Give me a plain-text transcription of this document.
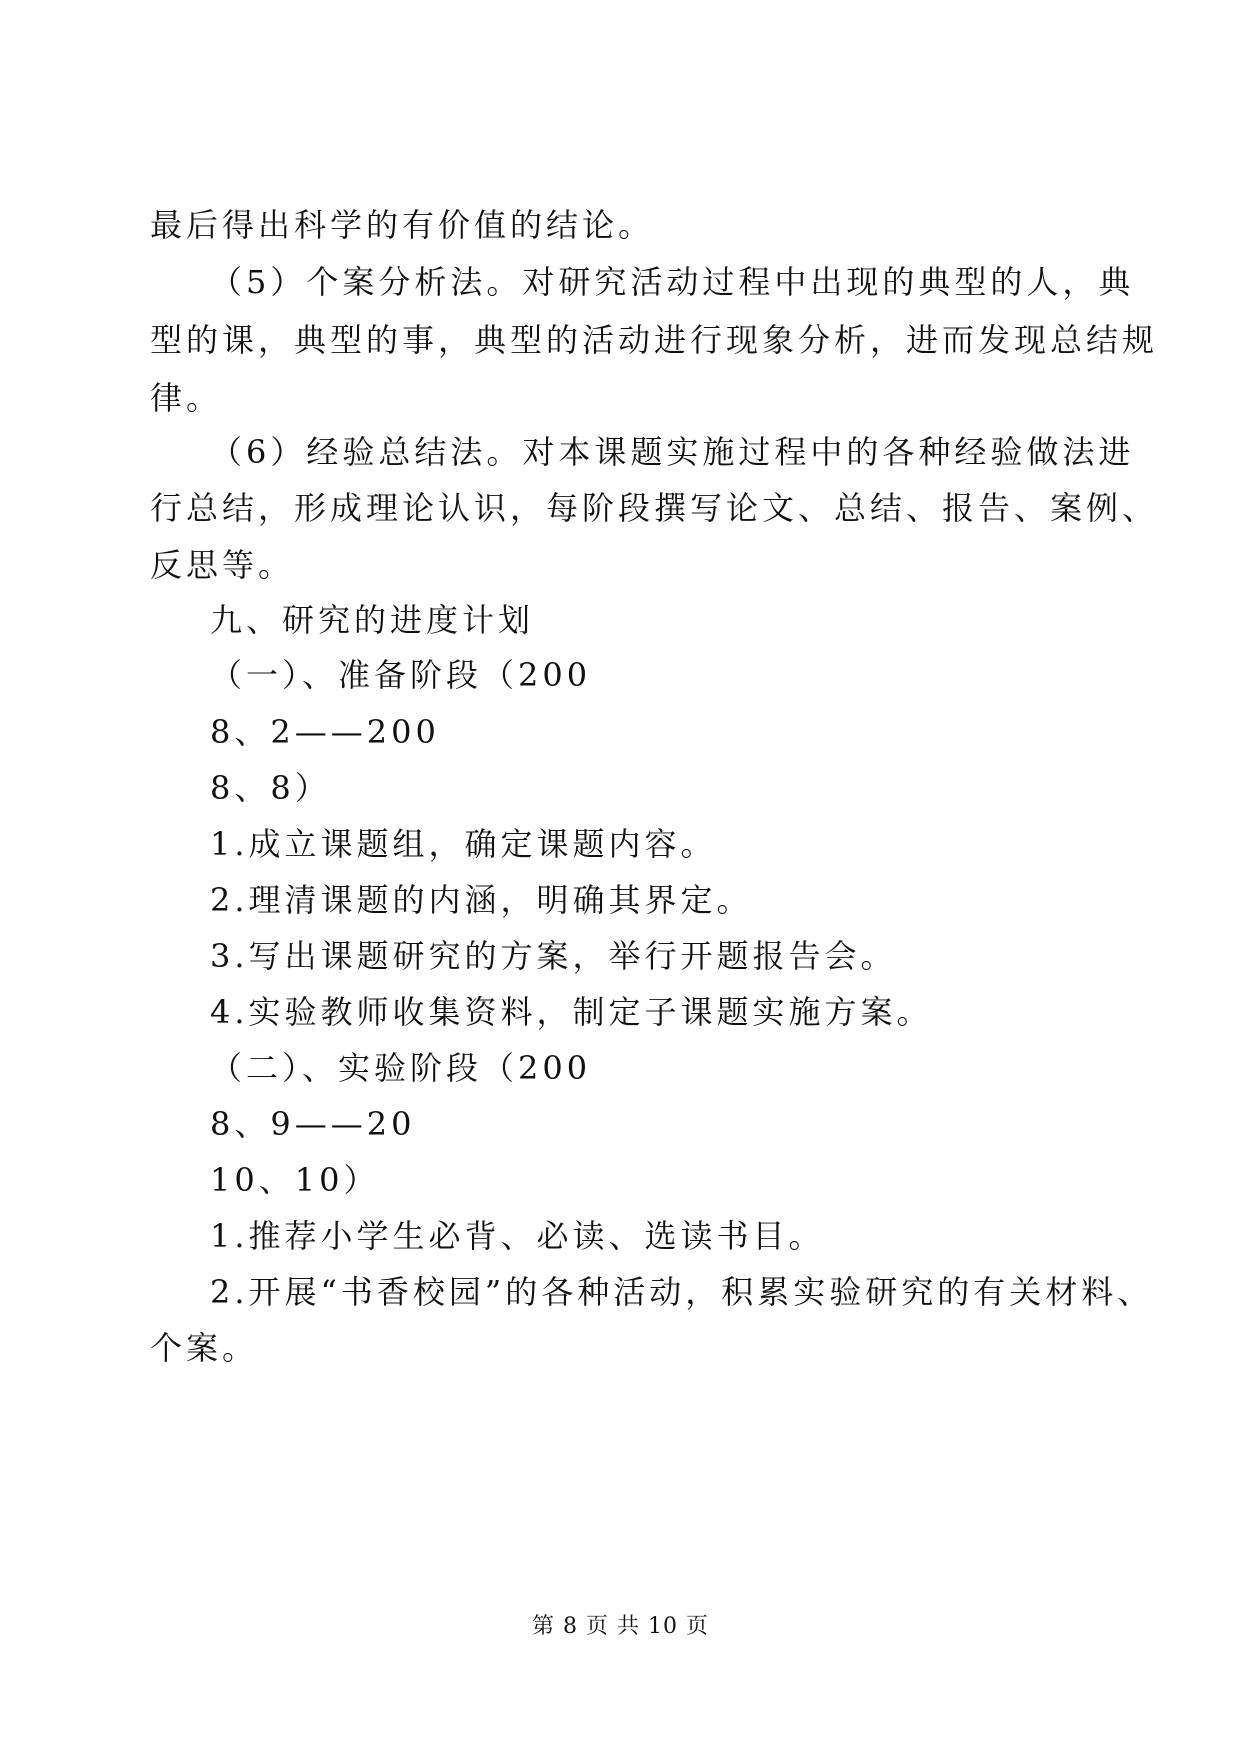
最后得出科学的有价值的结论。
（5）个案分析法。对研究活动过程中出现的典型的人，典
型的课，典型的事，典型的活动进行现象分析，进而发现总结规
律。
（6）经验总结法。对本课题实施过程中的各种经验做法进
行总结，形成理论认识，每阶段撰写论文、总结、报告、案例、
反思等。
九、研究的进度计划
（一）、准备阶段（200
8、2——200
8、8）
1.成立课题组，确定课题内容。
2.理清课题的内涵，明确其界定。
3.写出课题研究的方案，举行开题报告会。
4.实验教师收集资料，制定子课题实施方案。
（二）、实验阶段（200
8、9——20
10、10）
1.推荐小学生必背、必读、选读书目。
2.开展“书香校园”的各种活动，积累实验研究的有关材料、
个案。
第 8 页 共 10 页
